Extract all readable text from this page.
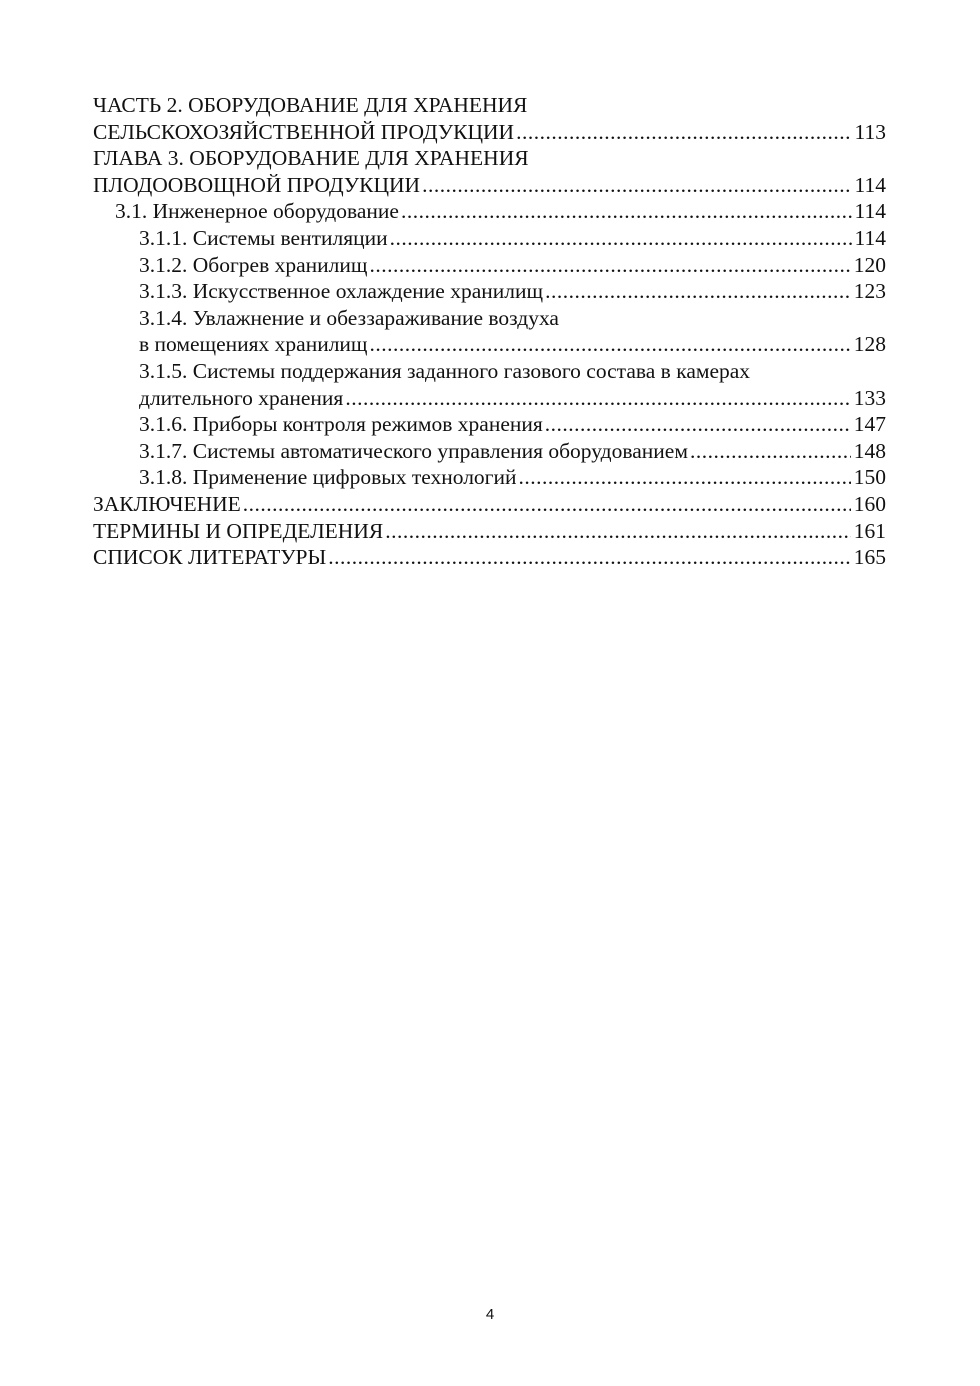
ЧАСТЬ 2. ОБОРУДОВАНИЕ ДЛЯ ХРАНЕНИЯ
СЕЛЬСКОХОЗЯЙСТВЕННОЙ ПРОДУКЦИИ .....	113
ГЛАВА 3. ОБОРУДОВАНИЕ ДЛЯ ХРАНЕНИЯ
ПЛОДООВОЩНОЙ ПРОДУКЦИИ .....	114
3.1. Инженерное оборудование .....	114
3.1.1. Системы вентиляции .....	114
3.1.2. Обогрев хранилищ .....	120
3.1.3. Искусственное охлаждение хранилищ .....	123
3.1.4. Увлажнение и обеззараживание воздуха
в помещениях хранилищ .....	128
3.1.5. Системы поддержания заданного газового состава в камерах
длительного хранения .....	133
3.1.6. Приборы контроля режимов хранения .....	147
3.1.7. Системы автоматического управления оборудованием .....	148
3.1.8. Применение цифровых технологий .....	150
ЗАКЛЮЧЕНИЕ .....	160
ТЕРМИНЫ И ОПРЕДЕЛЕНИЯ .....	161
СПИСОК ЛИТЕРАТУРЫ .....	165
4
